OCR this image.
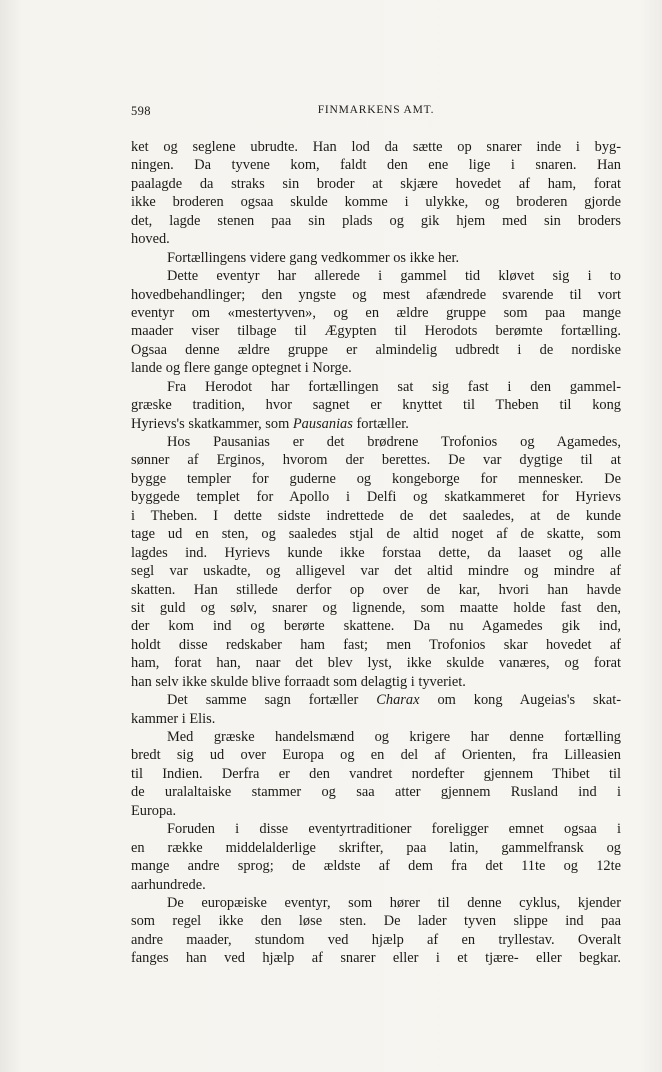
598	FINMARKENS AMT.
ket og seglene ubrudte. Han lod da sætte op snarer inde i byg-
ningen. Da tyvene kom, faldt den ene lige i snaren. Han
paalagde da straks sin broder at skjære hovedet af ham, forat
ikke broderen ogsaa skulde komme i ulykke, og broderen gjorde
det, lagde stenen paa sin plads og gik hjem med sin broders
hoved.
Fortællingens videre gang vedkommer os ikke her.
Dette eventyr har allerede i gammel tid kløvet sig i to
hovedbehandlinger; den yngste og mest afændrede svarende til vort
eventyr om «mestertyven», og en ældre gruppe som paa mange
maader viser tilbage til Ægypten til Herodots berømte fortælling.
Ogsaa denne ældre gruppe er almindelig udbredt i de nordiske
lande og flere gange optegnet i Norge.
Fra Herodot har fortællingen sat sig fast i den gammel-
græske tradition, hvor sagnet er knyttet til Theben til kong
Hyrievs's skatkammer, som Pausanias fortæller.
Hos Pausanias er det brødrene Trofonios og Agamedes,
sønner af Erginos, hvorom der berettes. De var dygtige til at
bygge templer for guderne og kongeborge for mennesker. De
byggede templet for Apollo i Delfi og skatkammeret for Hyrievs
i Theben. I dette sidste indrettede de det saaledes, at de kunde
tage ud en sten, og saaledes stjal de altid noget af de skatte, som
lagdes ind. Hyrievs kunde ikke forstaa dette, da laaset og alle
segl var uskadte, og alligevel var det altid mindre og mindre af
skatten. Han stillede derfor op over de kar, hvori han havde
sit guld og sølv, snarer og lignende, som maatte holde fast den,
der kom ind og berørte skattene. Da nu Agamedes gik ind,
holdt disse redskaber ham fast; men Trofonios skar hovedet af
ham, forat han, naar det blev lyst, ikke skulde vanæres, og forat
han selv ikke skulde blive forraadt som delagtig i tyveriet.
Det samme sagn fortæller Charax om kong Augeias's skat-
kammer i Elis.
Med græske handelsmænd og krigere har denne fortælling
bredt sig ud over Europa og en del af Orienten, fra Lilleasien
til Indien. Derfra er den vandret nordefter gjennem Thibet til
de uralaltaiske stammer og saa atter gjennem Rusland ind i
Europa.
Foruden i disse eventyrtraditioner foreligger emnet ogsaa i
en række middelalderlige skrifter, paa latin, gammelfransk og
mange andre sprog; de ældste af dem fra det 11te og 12te
aarhundrede.
De europæiske eventyr, som hører til denne cyklus, kjender
som regel ikke den løse sten. De lader tyven slippe ind paa
andre maader, stundom ved hjælp af en tryllestav. Overalt
fanges han ved hjælp af snarer eller i et tjære- eller begkar.
